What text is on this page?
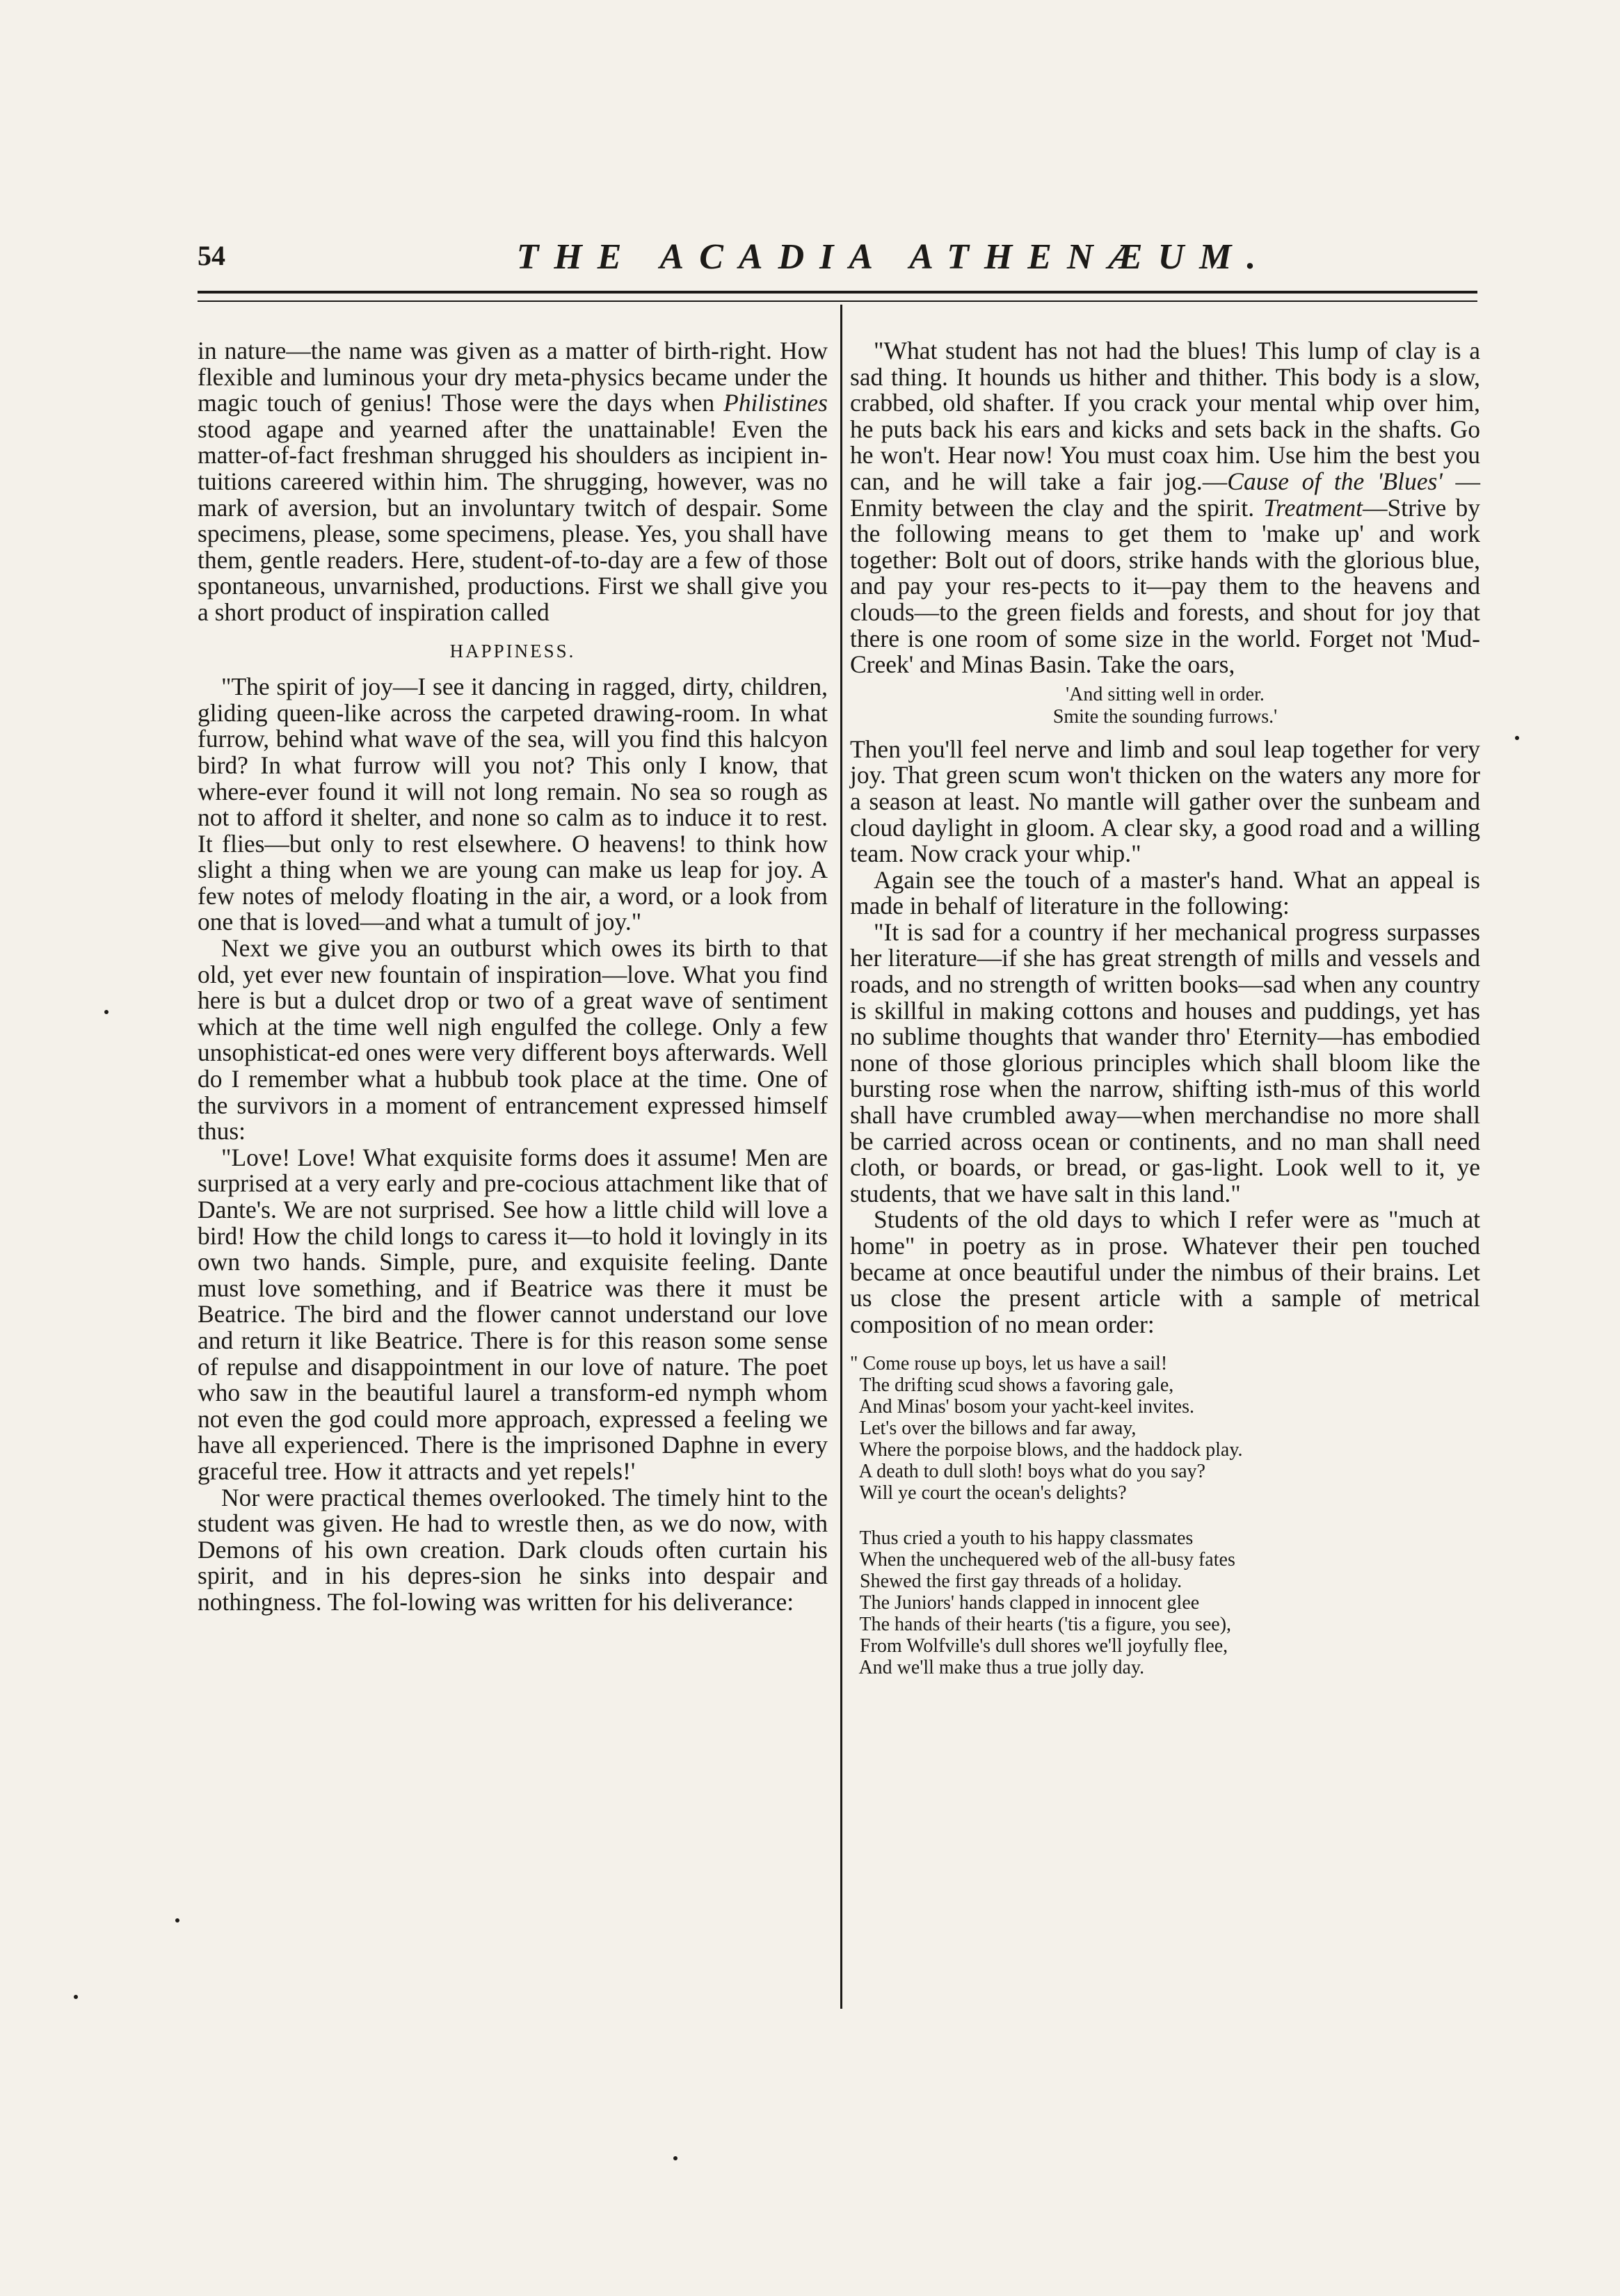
54	THE ACADIA ATHENÆUM.

in nature—the name was given as a matter of birth-right. How flexible and luminous your dry meta-physics became under the magic touch of genius! Those were the days when Philistines stood agape and yearned after the unattainable! Even the matter-of-fact freshman shrugged his shoulders as incipient in-tuitions careered within him. The shrugging, however, was no mark of aversion, but an involuntary twitch of despair. Some specimens, please, some specimens, please. Yes, you shall have them, gentle readers. Here, student-of-to-day are a few of those spontaneous, unvarnished, productions. First we shall give you a short product of inspiration called

HAPPINESS.

"The spirit of joy—I see it dancing in ragged, dirty, children, gliding queen-like across the carpeted drawing-room. In what furrow, behind what wave of the sea, will you find this halcyon bird? In what furrow will you not? This only I know, that where-ever found it will not long remain. No sea so rough as not to afford it shelter, and none so calm as to induce it to rest. It flies—but only to rest elsewhere. O heavens! to think how slight a thing when we are young can make us leap for joy. A few notes of melody floating in the air, a word, or a look from one that is loved—and what a tumult of joy."

Next we give you an outburst which owes its birth to that old, yet ever new fountain of inspiration—love. What you find here is but a dulcet drop or two of a great wave of sentiment which at the time well nigh engulfed the college. Only a few unsophisticat-ed ones were very different boys afterwards. Well do I remember what a hubbub took place at the time. One of the survivors in a moment of entrancement expressed himself thus:

"Love! Love! What exquisite forms does it assume! Men are surprised at a very early and pre-cocious attachment like that of Dante's. We are not surprised. See how a little child will love a bird! How the child longs to caress it—to hold it lovingly in its own two hands. Simple, pure, and exquisite feeling. Dante must love something, and if Beatrice was there it must be Beatrice. The bird and the flower cannot understand our love and return it like Beatrice. There is for this reason some sense of repulse and disappointment in our love of nature. The poet who saw in the beautiful laurel a transform-ed nymph whom not even the god could more approach, expressed a feeling we have all experienced. There is the imprisoned Daphne in every graceful tree. How it attracts and yet repels!'

Nor were practical themes overlooked. The timely hint to the student was given. He had to wrestle then, as we do now, with Demons of his own creation. Dark clouds often curtain his spirit, and in his depres-sion he sinks into despair and nothingness. The fol-lowing was written for his deliverance:

"What student has not had the blues! This lump of clay is a sad thing. It hounds us hither and thither. This body is a slow, crabbed, old shafter. If you crack your mental whip over him, he puts back his ears and kicks and sets back in the shafts. Go he won't. Hear now! You must coax him. Use him the best you can, and he will take a fair jog.—Cause of the 'Blues' — Enmity between the clay and the spirit. Treatment—Strive by the following means to get them to 'make up' and work together: Bolt out of doors, strike hands with the glorious blue, and pay your res-pects to it—pay them to the heavens and clouds—to the green fields and forests, and shout for joy that there is one room of some size in the world. Forget not 'Mud-Creek' and Minas Basin. Take the oars,

'And sitting well in order.
Smite the sounding furrows.'

Then you'll feel nerve and limb and soul leap together for very joy. That green scum won't thicken on the waters any more for a season at least. No mantle will gather over the sunbeam and cloud daylight in gloom. A clear sky, a good road and a willing team. Now crack your whip."

Again see the touch of a master's hand. What an appeal is made in behalf of literature in the following:

"It is sad for a country if her mechanical progress surpasses her literature—if she has great strength of mills and vessels and roads, and no strength of written books—sad when any country is skillful in making cottons and houses and puddings, yet has no sublime thoughts that wander thro' Eternity—has embodied none of those glorious principles which shall bloom like the bursting rose when the narrow, shifting isth-mus of this world shall have crumbled away—when merchandise no more shall be carried across ocean or continents, and no man shall need cloth, or boards, or bread, or gas-light. Look well to it, ye students, that we have salt in this land."

Students of the old days to which I refer were as "much at home" in poetry as in prose. Whatever their pen touched became at once beautiful under the nimbus of their brains. Let us close the present article with a sample of metrical composition of no mean order:

" Come rouse up boys, let us have a sail!
The drifting scud shows a favoring gale,
And Minas' bosom your yacht-keel invites.
Let's over the billows and far away,
Where the porpoise blows, and the haddock play.
A death to dull sloth! boys what do you say?
Will ye court the ocean's delights?
Thus cried a youth to his happy classmates
When the unchequered web of the all-busy fates
Shewed the first gay threads of a holiday.
The Juniors' hands clapped in innocent glee
The hands of their hearts ('tis a figure, you see),
From Wolfville's dull shores we'll joyfully flee,
And we'll make thus a true jolly day.
